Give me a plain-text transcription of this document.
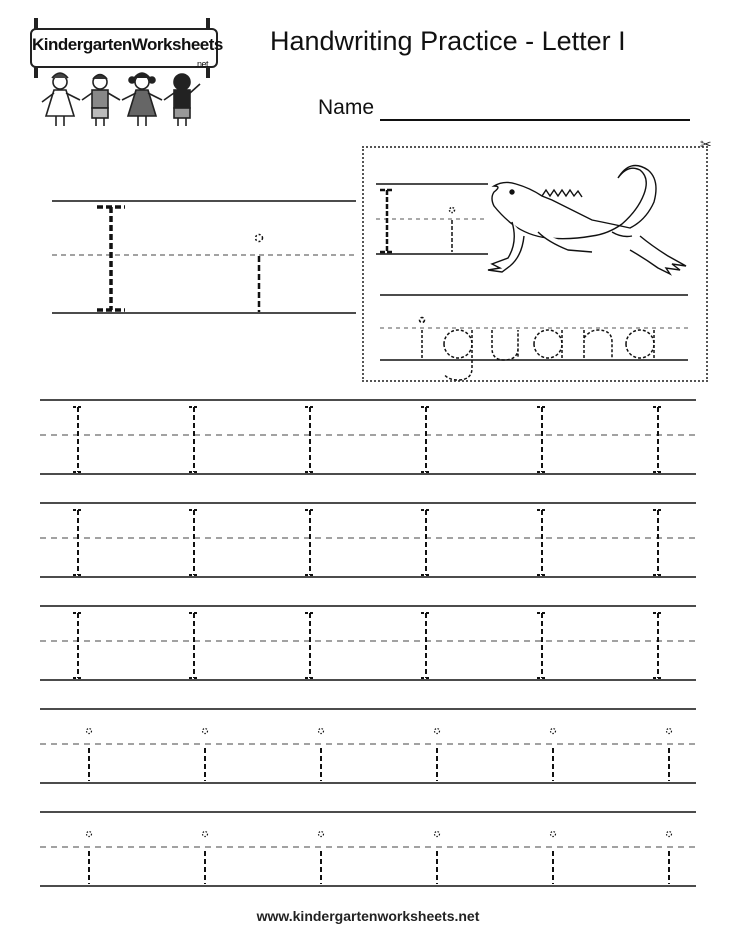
KindergartenWorksheets
.net
Handwriting Practice - Letter I
Name
✂
www.kindergartenworksheets.net
